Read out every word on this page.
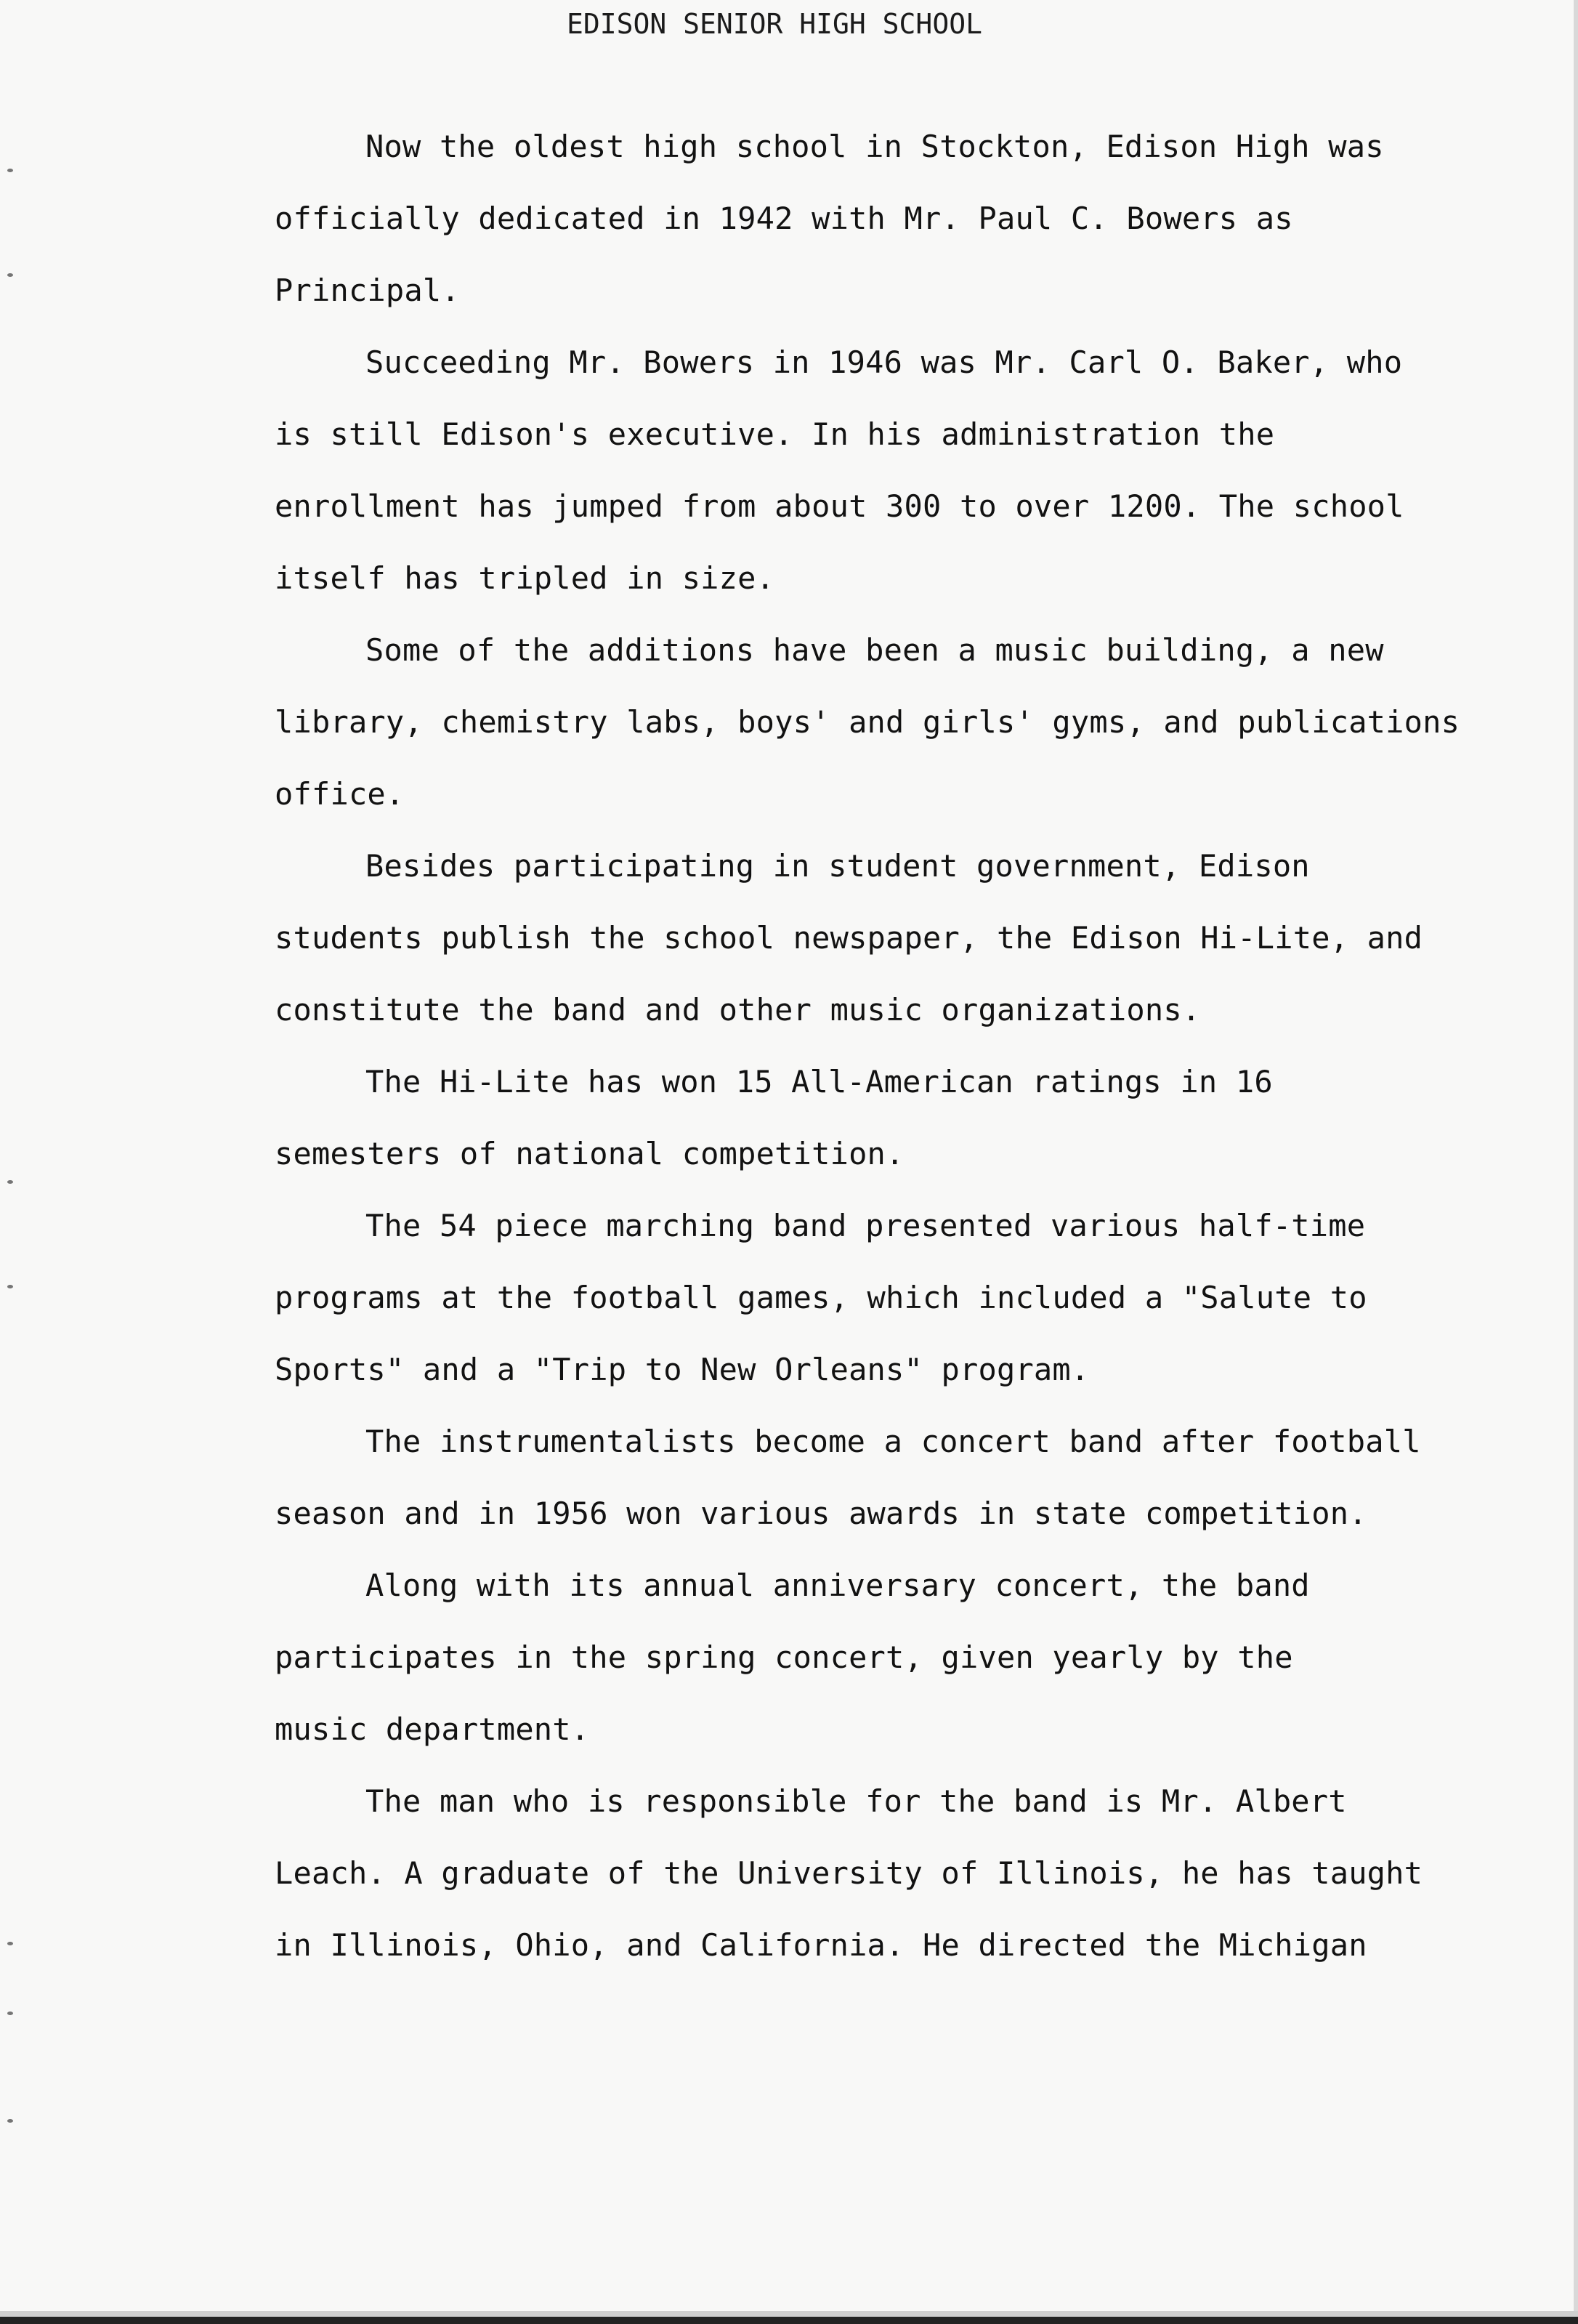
EDISON SENIOR HIGH SCHOOL
Now the oldest high school in Stockton, Edison High was
officially dedicated in 1942 with Mr. Paul C. Bowers as
Principal.
Succeeding Mr. Bowers in 1946 was Mr. Carl O. Baker, who
is still Edison's executive. In his administration the
enrollment has jumped from about 300 to over 1200. The school
itself has tripled in size.
Some of the additions have been a music building, a new
library, chemistry labs, boys' and girls' gyms, and publications
office.
Besides participating in student government, Edison
students publish the school newspaper, the Edison Hi-Lite, and
constitute the band and other music organizations.
The Hi-Lite has won 15 All-American ratings in 16
semesters of national competition.
The 54 piece marching band presented various half-time
programs at the football games, which included a "Salute to
Sports" and a "Trip to New Orleans" program.
The instrumentalists become a concert band after football
season and in 1956 won various awards in state competition.
Along with its annual anniversary concert, the band
participates in the spring concert, given yearly by the
music department.
The man who is responsible for the band is Mr. Albert
Leach. A graduate of the University of Illinois, he has taught
in Illinois, Ohio, and California. He directed the Michigan
